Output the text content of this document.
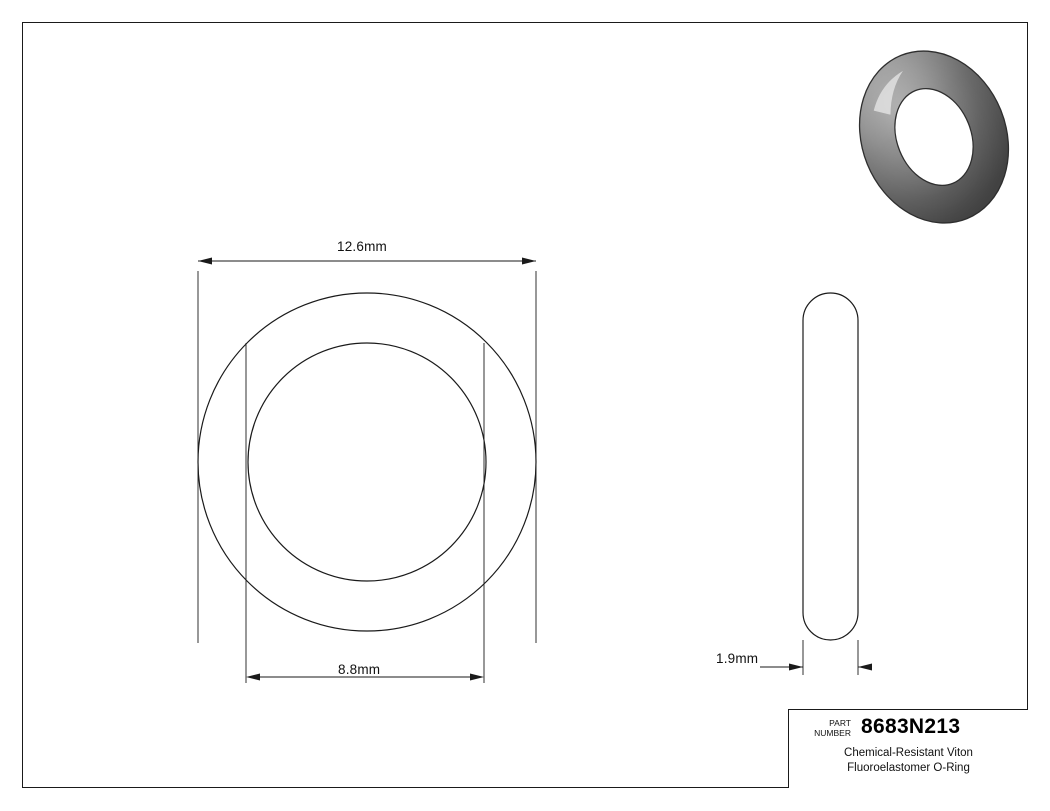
12.6mm
8.8mm
1.9mm
PART
NUMBER 8683N213
Chemical-Resistant Viton
Fluoroelastomer O-Ring
